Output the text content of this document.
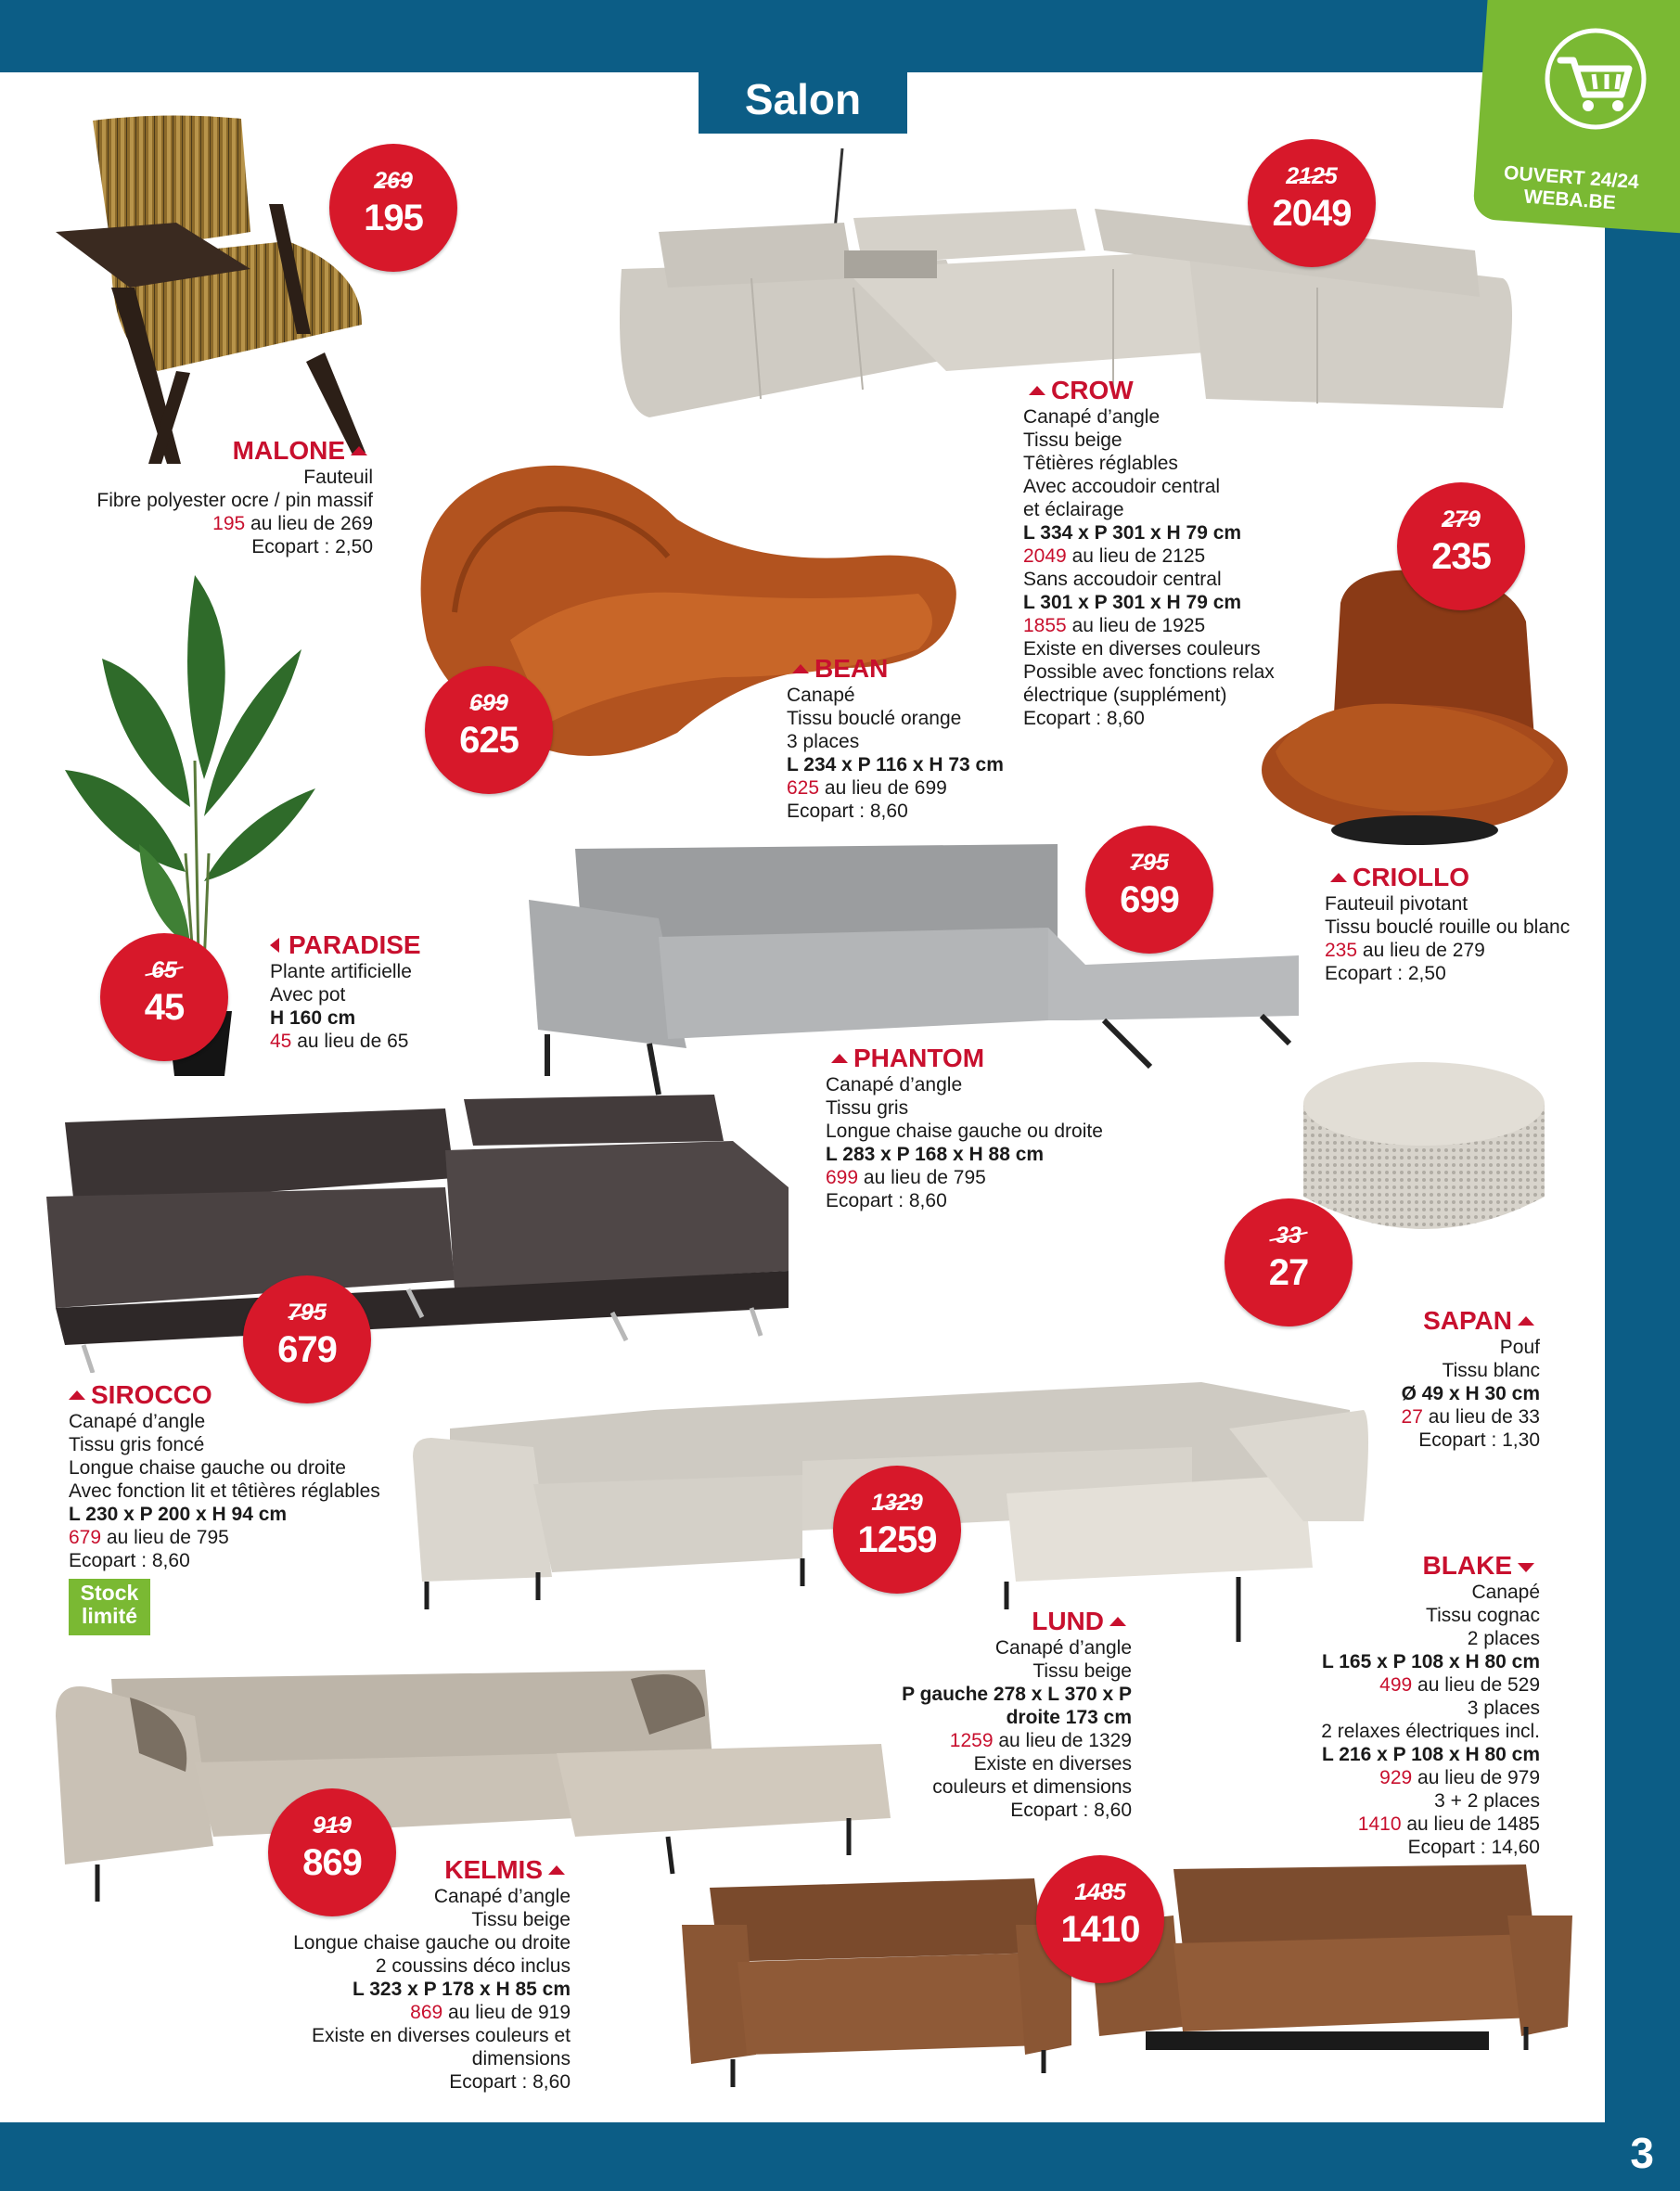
3
Salon
OUVERT 24/24
WEBA.BE
269
195
2125
2049
279
235
699
625
795
699
65
45
33
27
795
679
1329
1259
919
869
1485
1410
MALONE
Fauteuil
Fibre polyester ocre / pin massif
195 au lieu de 269
Ecopart : 2,50
CROW
Canapé d’angle
Tissu beige
Têtières réglables
Avec accoudoir central
et éclairage
L 334 x P 301 x H 79 cm
2049 au lieu de 2125
Sans accoudoir central
L 301 x P 301 x H 79 cm
1855 au lieu de 1925
Existe en diverses couleurs
Possible avec fonctions relax
électrique (supplément)
Ecopart : 8,60
BEAN
Canapé
Tissu bouclé orange
3 places
L 234 x P 116 x H 73 cm
625 au lieu de 699
Ecopart : 8,60
CRIOLLO
Fauteuil pivotant
Tissu bouclé rouille ou blanc
235 au lieu de 279
Ecopart : 2,50
PARADISE
Plante artificielle
Avec pot
H 160 cm
45 au lieu de 65
PHANTOM
Canapé d’angle
Tissu gris
Longue chaise gauche ou droite
L 283 x P 168 x H 88 cm
699 au lieu de 795
Ecopart : 8,60
SIROCCO
Canapé d’angle
Tissu gris foncé
Longue chaise gauche ou droite
Avec fonction lit et têtières réglables
L 230 x P 200 x H 94 cm
679 au lieu de 795
Ecopart : 8,60
Stock
limité
SAPAN
Pouf
Tissu blanc
Ø 49 x H 30 cm
27 au lieu de 33
Ecopart : 1,30
BLAKE
Canapé
Tissu cognac
2 places
L 165 x P 108 x H 80 cm
499 au lieu de 529
3 places
2 relaxes électriques incl.
L 216 x P 108 x H 80 cm
929 au lieu de 979
3 + 2 places
1410 au lieu de 1485
Ecopart : 14,60
LUND
Canapé d’angle
Tissu beige
P gauche 278 x L 370 x P
droite 173 cm
1259 au lieu de 1329
Existe en diverses
couleurs et dimensions
Ecopart : 8,60
KELMIS
Canapé d’angle
Tissu beige
Longue chaise gauche ou droite
2 coussins déco inclus
L 323 x P 178 x H 85 cm
869 au lieu de 919
Existe en diverses couleurs et
dimensions
Ecopart : 8,60
